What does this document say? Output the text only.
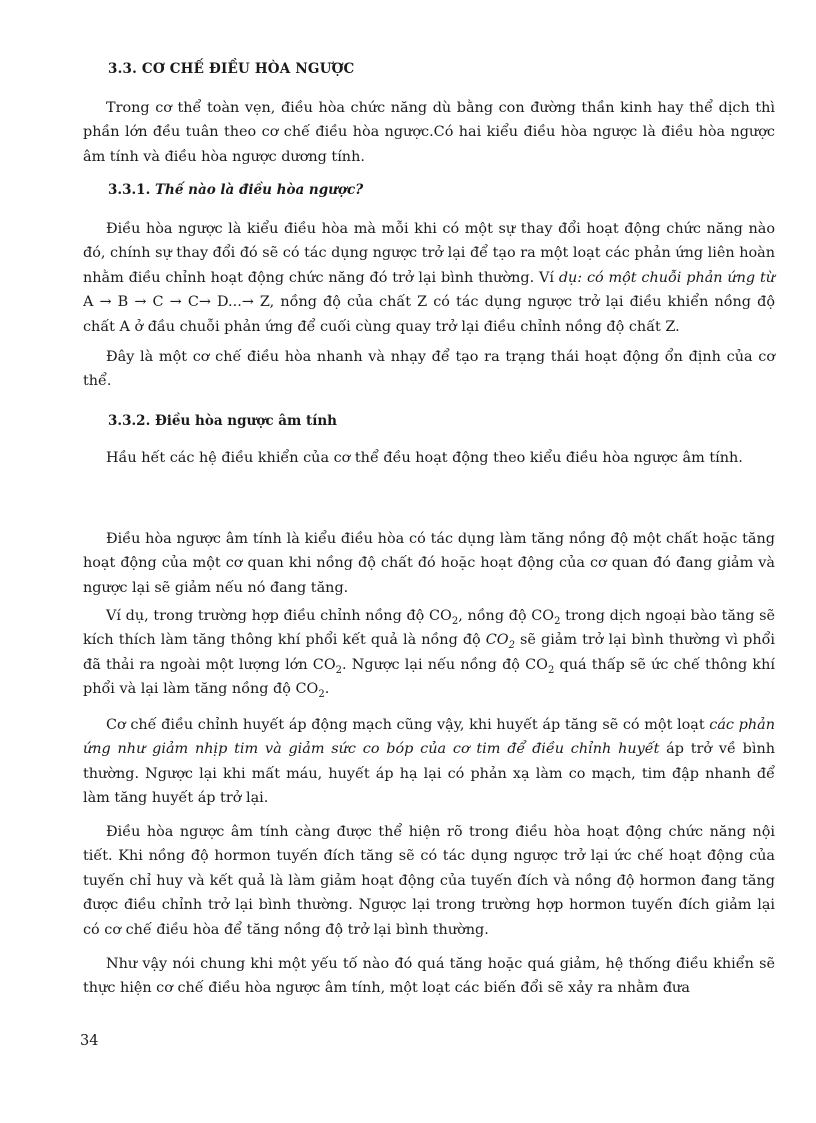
3.3. CƠ CHẾ ĐIỀU HÒA NGƯỢC

Trong cơ thể toàn vẹn, điều hòa chức năng dù bằng con đường thần kinh hay thể dịch thì phần lớn đều tuân theo cơ chế điều hòa ngược.Có hai kiểu điều hòa ngược là điều hòa ngược âm tính và điều hòa ngược dương tính.

3.3.1. Thế nào là điều hòa ngược?

Điều hòa ngược là kiểu điều hòa mà mỗi khi có một sự thay đổi hoạt động chức năng nào đó, chính sự thay đổi đó sẽ có tác dụng ngược trở lại để tạo ra một loạt các phản ứng liên hoàn nhằm điều chỉnh hoạt động chức năng đó trở lại bình thường. Ví dụ: có một chuỗi phản ứng từ A → B → C → C→ D...→ Z, nồng độ của chất Z có tác dụng ngược trở lại điều khiển nồng độ chất A ở đầu chuỗi phản ứng để cuối cùng quay trở lại điều chỉnh nồng độ chất Z.

Đây là một cơ chế điều hòa nhanh và nhạy để tạo ra trạng thái hoạt động ổn định của cơ thể.

3.3.2. Điều hòa ngược âm tính

Hầu hết các hệ điều khiển của cơ thể đều hoạt động theo kiểu điều hòa ngược âm tính.

Điều hòa ngược âm tính là kiểu điều hòa có tác dụng làm tăng nồng độ một chất hoặc tăng hoạt động của một cơ quan khi nồng độ chất đó hoặc hoạt động của cơ quan đó đang giảm và ngược lại sẽ giảm nếu nó đang tăng.

Ví dụ, trong trường hợp điều chỉnh nồng độ $CO_2$, nồng độ $CO_2$ trong dịch ngoại bào tăng sẽ kích thích làm tăng thông khí phổi kết quả là nồng độ $CO_2$ sẽ giảm trở lại bình thường vì phổi đã thải ra ngoài một lượng lớn $CO_2$. Ngược lại nếu nồng độ $CO_2$ quá thấp sẽ ức chế thông khí phổi và lại làm tăng nồng độ $CO_2$.

Cơ chế điều chỉnh huyết áp động mạch cũng vậy, khi huyết áp tăng sẽ có một loạt các phản ứng như giảm nhịp tim và giảm sức co bóp của cơ tim để điều chỉnh huyết áp trở về bình thường. Ngược lại khi mất máu, huyết áp hạ lại có phản xạ làm co mạch, tim đập nhanh để làm tăng huyết áp trở lại.

Điều hòa ngược âm tính càng được thể hiện rõ trong điều hòa hoạt động chức năng nội tiết. Khi nồng độ hormon tuyến đích tăng sẽ có tác dụng ngược trở lại ức chế hoạt động của tuyến chỉ huy và kết quả là làm giảm hoạt động của tuyến đích và nồng độ hormon đang tăng được điều chỉnh trở lại bình thường. Ngược lại trong trường hợp hormon tuyến đích giảm lại có cơ chế điều hòa để tăng nồng độ trở lại bình thường.

Như vậy nói chung khi một yếu tố nào đó quá tăng hoặc quá giảm, hệ thống điều khiển sẽ thực hiện cơ chế điều hòa ngược âm tính, một loạt các biến đổi sẽ xảy ra nhằm đưa

34
